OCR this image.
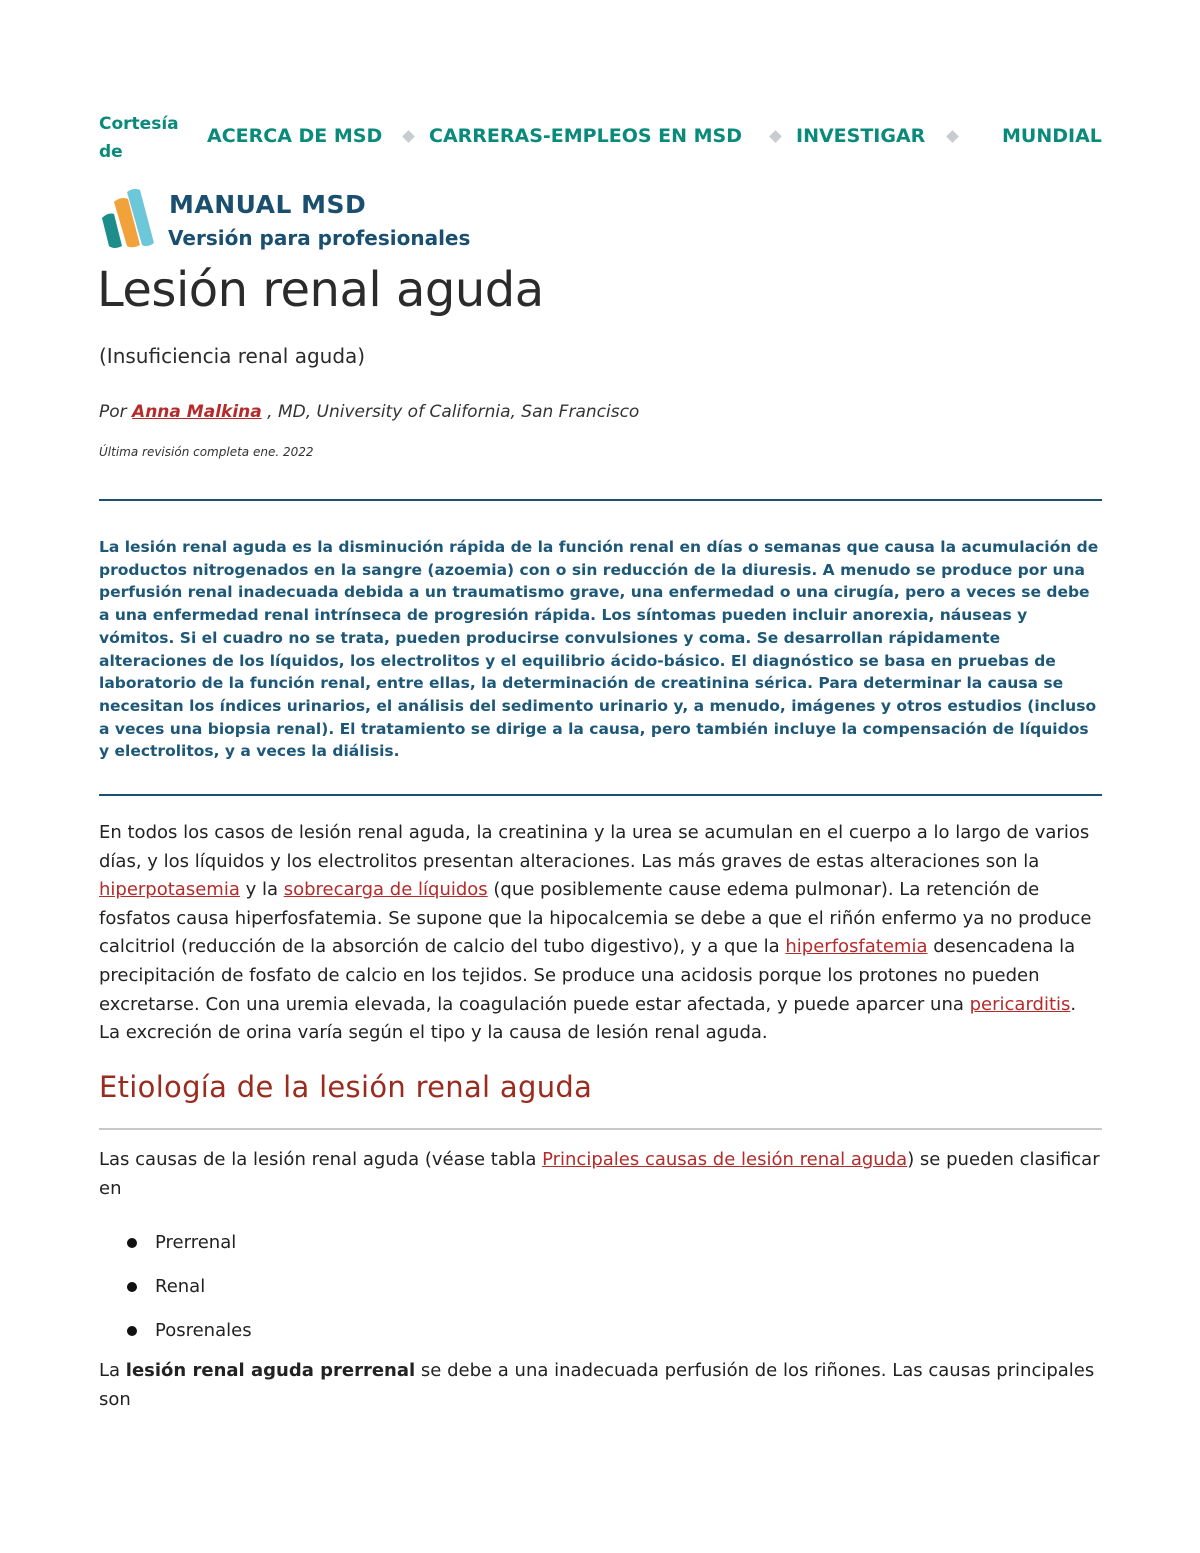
Cortesía de
ACERCA DE MSD CARRERAS-EMPLEOS EN MSD	INVESTIGAR	MUNDIAL
MANUAL MSD
Versión para profesionales
Lesión renal aguda
(Insuficiencia renal aguda)
Por Anna Malkina , MD, University of California, San Francisco
Última revisión completa ene. 2022
La lesión renal aguda es la disminución rápida de la función renal en días o semanas que causa la acumulación de productos nitrogenados en la sangre (azoemia) con o sin reducción de la diuresis. A menudo se produce por una perfusión renal inadecuada debida a un traumatismo grave, una enfermedad o una cirugía, pero a veces se debe a una enfermedad renal intrínseca de progresión rápida. Los síntomas pueden incluir anorexia, náuseas y vómitos. Si el cuadro no se trata, pueden producirse convulsiones y coma. Se desarrollan rápidamente alteraciones de los líquidos, los electrolitos y el equilibrio ácido-básico. El diagnóstico se basa en pruebas de laboratorio de la función renal, entre ellas, la determinación de creatinina sérica. Para determinar la causa se necesitan los índices urinarios, el análisis del sedimento urinario y, a menudo, imágenes y otros estudios (incluso a veces una biopsia renal). El tratamiento se dirige a la causa, pero también incluye la compensación de líquidos y electrolitos, y a veces la diálisis.
En todos los casos de lesión renal aguda, la creatinina y la urea se acumulan en el cuerpo a lo largo de varios días, y los líquidos y los electrolitos presentan alteraciones. Las más graves de estas alteraciones son la hiperpotasemia y la sobrecarga de líquidos (que posiblemente cause edema pulmonar). La retención de fosfatos causa hiperfosfatemia. Se supone que la hipocalcemia se debe a que el riñón enfermo ya no produce calcitriol (reducción de la absorción de calcio del tubo digestivo), y a que la hiperfosfatemia desencadena la precipitación de fosfato de calcio en los tejidos. Se produce una acidosis porque los protones no pueden excretarse. Con una uremia elevada, la coagulación puede estar afectada, y puede aparcer una pericarditis. La excreción de orina varía según el tipo y la causa de lesión renal aguda.
Etiología de la lesión renal aguda
Las causas de la lesión renal aguda (véase tabla Principales causas de lesión renal aguda) se pueden clasificar en
Prerrenal
Renal
Posrenales
La lesión renal aguda prerrenal se debe a una inadecuada perfusión de los riñones. Las causas principales son
